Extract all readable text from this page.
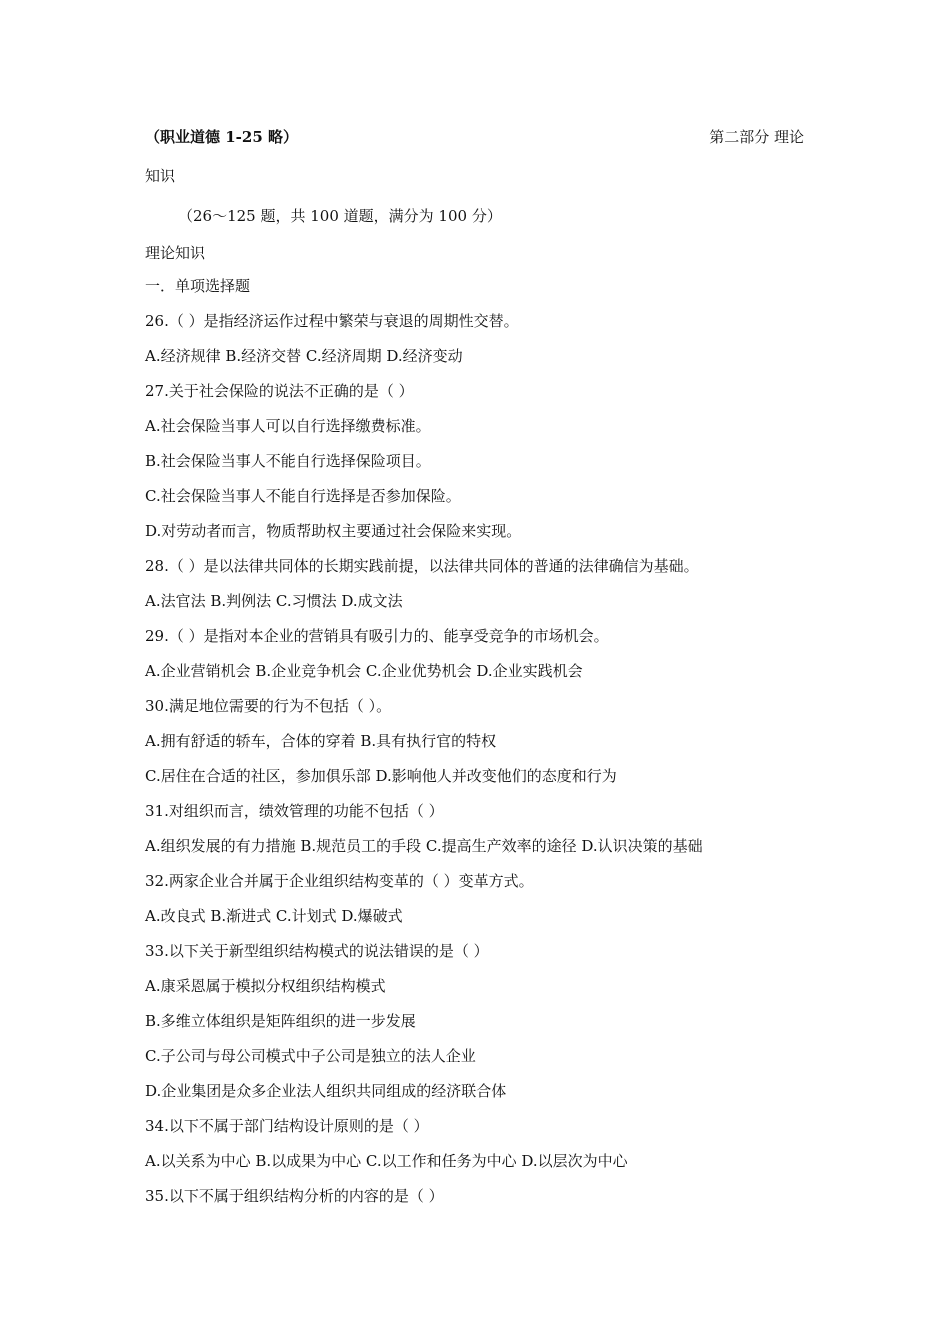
（职业道德 1-25 略）	第二部分 理论
知识
（26～125 题，共 100 道题，满分为 100 分）
理论知识
一．单项选择题
26.（ ）是指经济运作过程中繁荣与衰退的周期性交替。
A.经济规律 B.经济交替 C.经济周期 D.经济变动
27.关于社会保险的说法不正确的是（ ）
A.社会保险当事人可以自行选择缴费标准。
B.社会保险当事人不能自行选择保险项目。
C.社会保险当事人不能自行选择是否参加保险。
D.对劳动者而言，物质帮助权主要通过社会保险来实现。
28.（ ）是以法律共同体的长期实践前提，以法律共同体的普通的法律确信为基础。
A.法官法 B.判例法 C.习惯法 D.成文法
29.（ ）是指对本企业的营销具有吸引力的、能享受竞争的市场机会。
A.企业营销机会 B.企业竞争机会 C.企业优势机会 D.企业实践机会
30.满足地位需要的行为不包括（ ）。
A.拥有舒适的轿车，合体的穿着 B.具有执行官的特权
C.居住在合适的社区，参加俱乐部 D.影响他人并改变他们的态度和行为
31.对组织而言，绩效管理的功能不包括（ ）
A.组织发展的有力措施 B.规范员工的手段 C.提高生产效率的途径 D.认识决策的基础
32.两家企业合并属于企业组织结构变革的（ ）变革方式。
A.改良式 B.渐进式 C.计划式 D.爆破式
33.以下关于新型组织结构模式的说法错误的是（ ）
A.康采恩属于模拟分权组织结构模式
B.多维立体组织是矩阵组织的进一步发展
C.子公司与母公司模式中子公司是独立的法人企业
D.企业集团是众多企业法人组织共同组成的经济联合体
34.以下不属于部门结构设计原则的是（ ）
A.以关系为中心 B.以成果为中心 C.以工作和任务为中心 D.以层次为中心
35.以下不属于组织结构分析的内容的是（ ）
